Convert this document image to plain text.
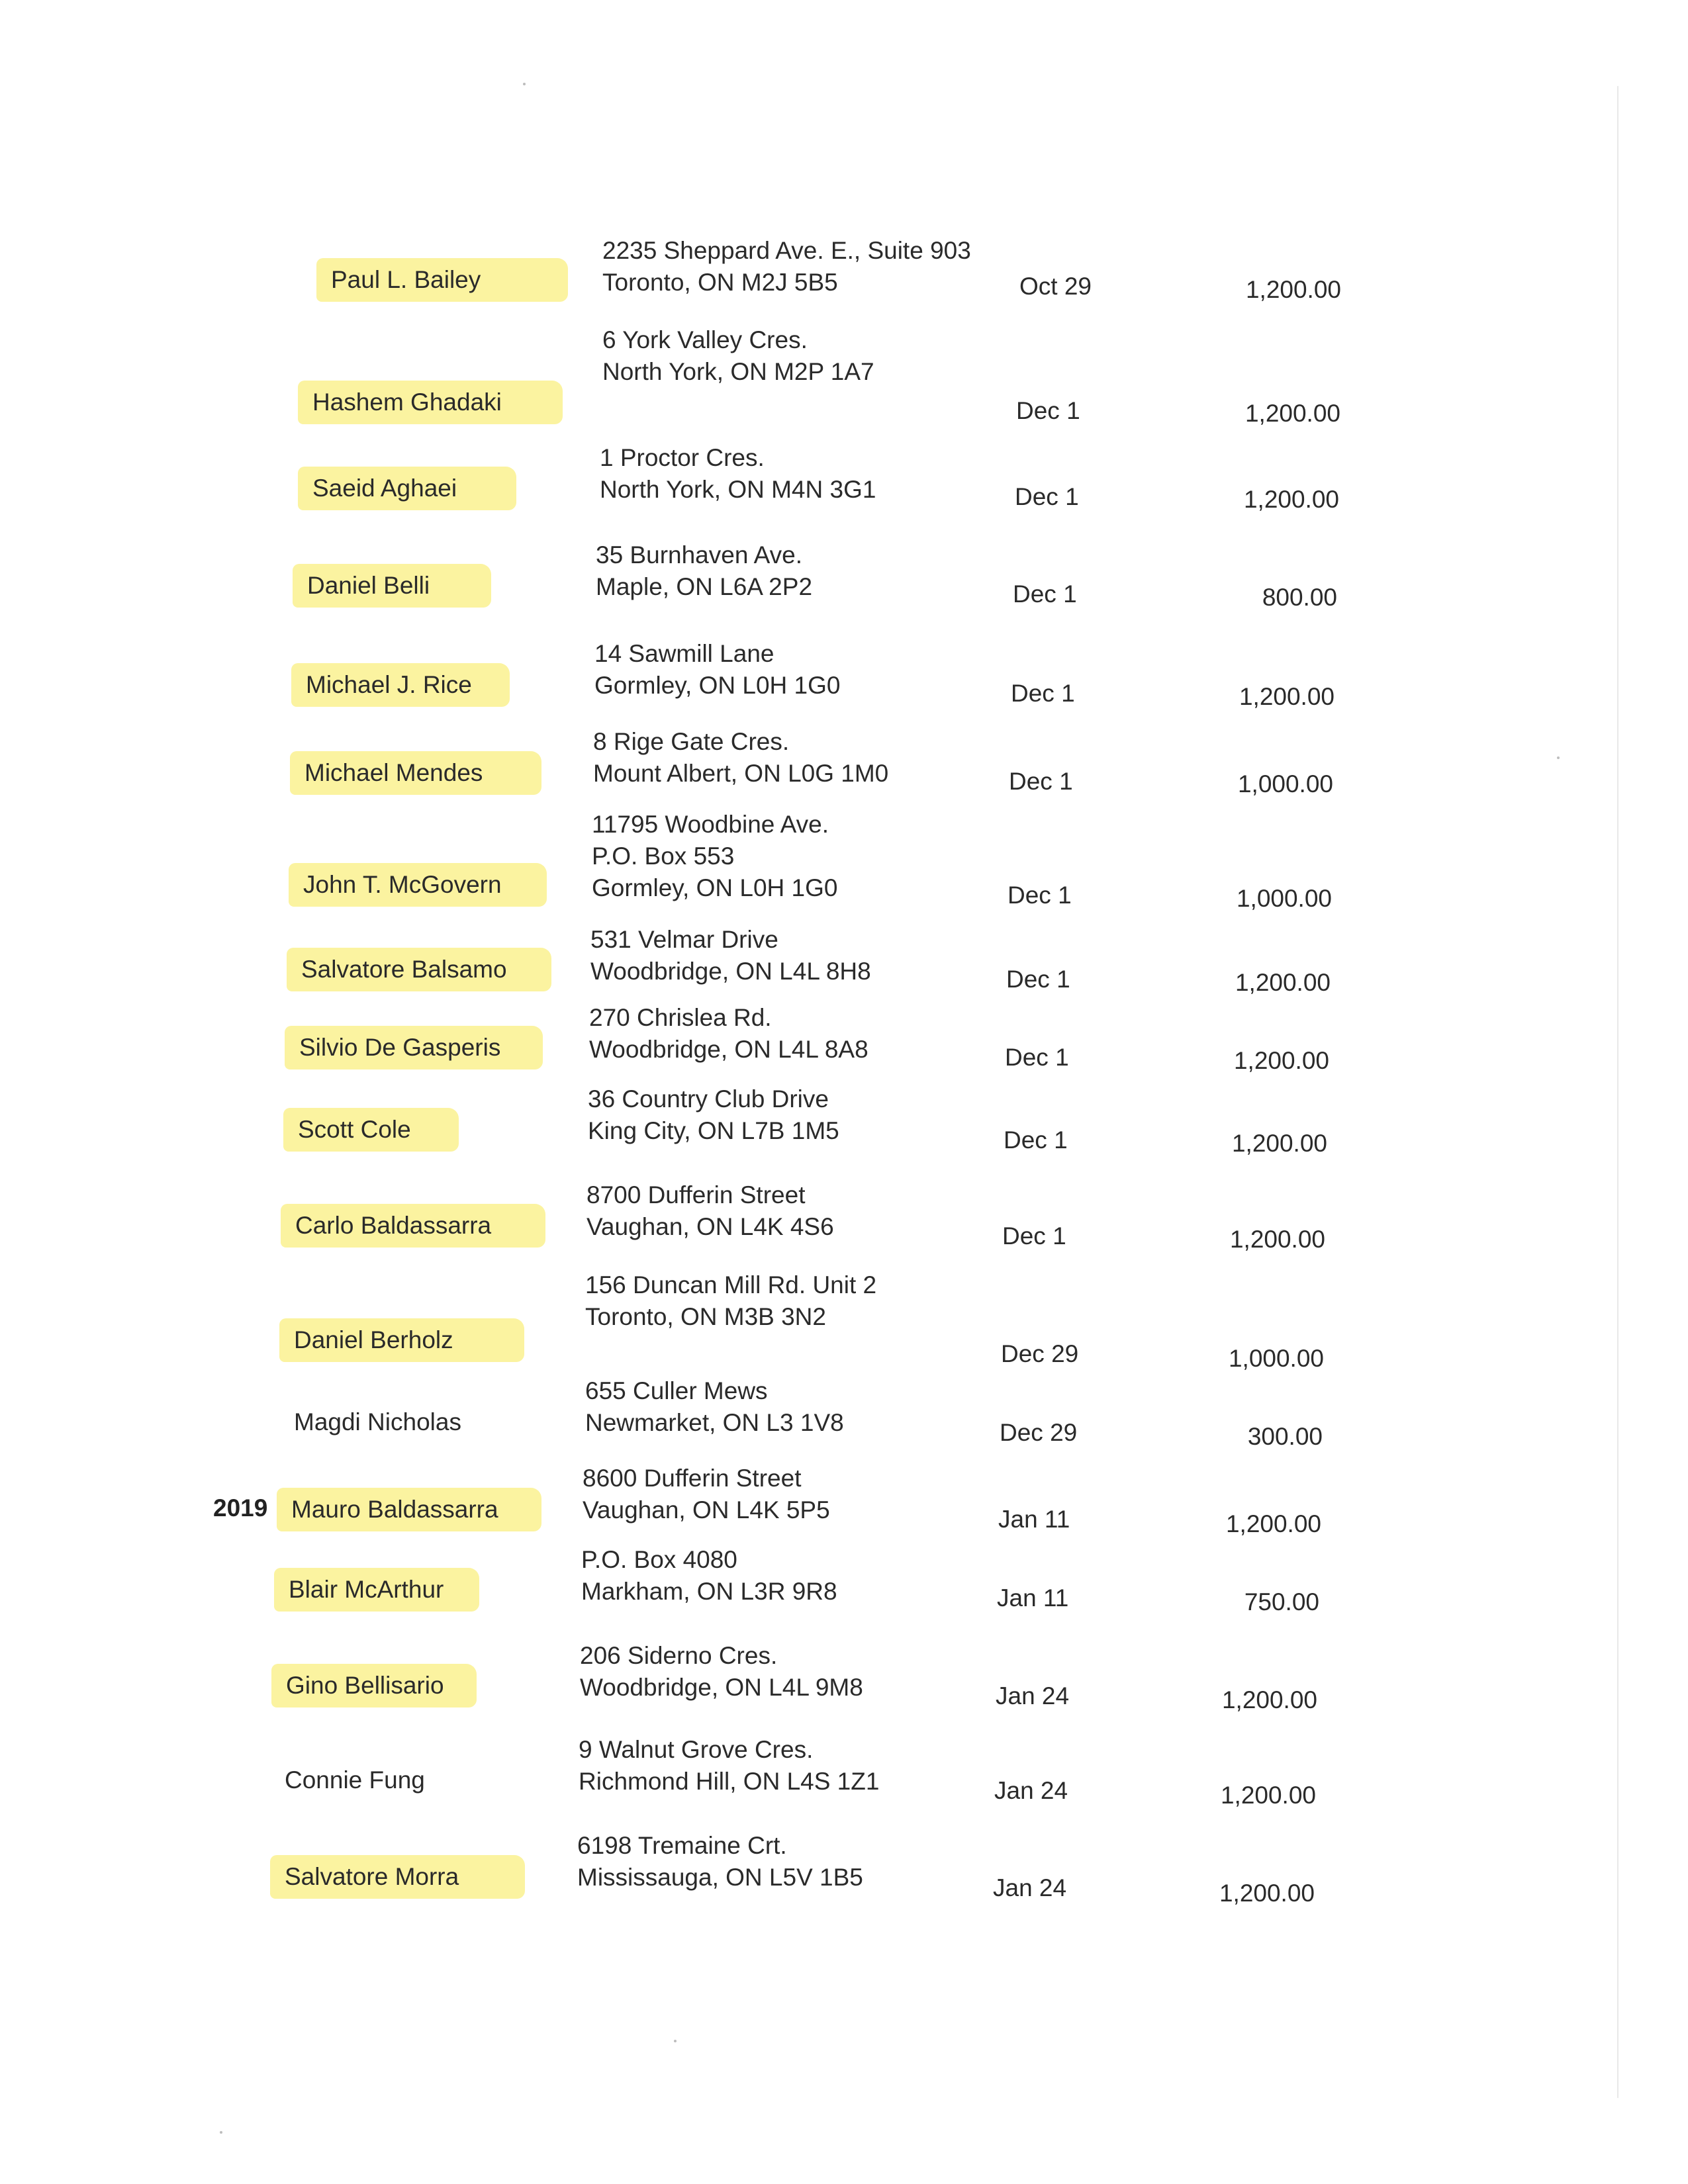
2019
Paul L. Bailey
2235 Sheppard Ave. E., Suite 903
Toronto, ON M2J 5B5	Oct 29	1,200.00
Hashem Ghadaki
6 York Valley Cres.
North York, ON M2P 1A7
Dec 1	1,200.00
Saeid Aghaei
1 Proctor Cres.
North York, ON M4N 3G1	Dec 1	1,200.00
Daniel Belli
35 Burnhaven Ave.
Maple, ON L6A 2P2	Dec 1	800.00
Michael J. Rice
14 Sawmill Lane
Gormley, ON L0H 1G0	Dec 1	1,200.00
Michael Mendes
8 Rige Gate Cres.
Mount Albert, ON L0G 1M0	Dec 1	1,000.00
John T. McGovern
11795 Woodbine Ave.
P.O. Box 553
Gormley, ON L0H 1G0	Dec 1	1,000.00
Salvatore Balsamo
531 Velmar Drive
Woodbridge, ON L4L 8H8	Dec 1	1,200.00
Silvio De Gasperis
270 Chrislea Rd.
Woodbridge, ON L4L 8A8	Dec 1	1,200.00
Scott Cole
36 Country Club Drive
King City, ON L7B 1M5	Dec 1	1,200.00
Carlo Baldassarra
8700 Dufferin Street
Vaughan, ON L4K 4S6	Dec 1	1,200.00
Daniel Berholz
156 Duncan Mill Rd. Unit 2
Toronto, ON M3B 3N2
Dec 29	1,000.00
Magdi Nicholas
655 Culler Mews
Newmarket, ON L3 1V8	Dec 29	300.00
Mauro Baldassarra
8600 Dufferin Street
Vaughan, ON L4K 5P5	Jan 11	1,200.00
Blair McArthur
P.O. Box 4080
Markham, ON L3R 9R8	Jan 11	750.00
Gino Bellisario
206 Siderno Cres.
Woodbridge, ON L4L 9M8	Jan 24	1,200.00
Connie Fung
9 Walnut Grove Cres.
Richmond Hill, ON L4S 1Z1	Jan 24	1,200.00
Salvatore Morra
6198 Tremaine Crt.
Mississauga, ON L5V 1B5	Jan 24	1,200.00
